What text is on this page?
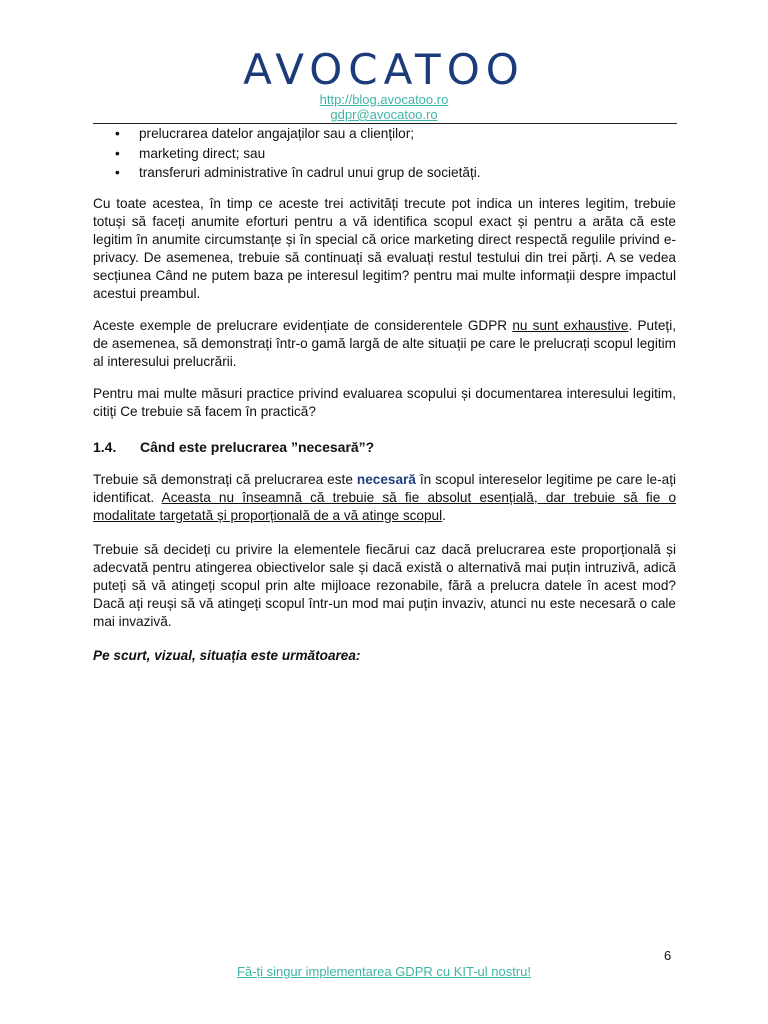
AVOCATOO
http://blog.avocatoo.ro
gdpr@avocatoo.ro
• prelucrarea datelor angajaților sau a clienților;
• marketing direct; sau
• transferuri administrative în cadrul unui grup de societăți.

Cu toate acestea, în timp ce aceste trei activități trecute pot indica un interes legitim, trebuie totuși să faceți anumite eforturi pentru a vă identifica scopul exact și pentru a arăta că este legitim în anumite circumstanțe și în special că orice marketing direct respectă regulile privind e-privacy. De asemenea, trebuie să continuați să evaluați restul testului din trei părți. A se vedea secțiunea Când ne putem baza pe interesul legitim? pentru mai multe informații despre impactul acestui preambul.

Aceste exemple de prelucrare evidențiate de considerentele GDPR nu sunt exhaustive. Puteți, de asemenea, să demonstrați într-o gamă largă de alte situații pe care le prelucrați scopul legitim al interesului prelucrării.

Pentru mai multe măsuri practice privind evaluarea scopului și documentarea interesului legitim, citiți Ce trebuie să facem în practică?

1.4. Când este prelucrarea ”necesară”?

Trebuie să demonstrați că prelucrarea este necesară în scopul intereselor legitime pe care le-ați identificat. Aceasta nu înseamnă că trebuie să fie absolut esențială, dar trebuie să fie o modalitate targetată și proporțională de a vă atinge scopul.

Trebuie să decideți cu privire la elementele fiecărui caz dacă prelucrarea este proporțională și adecvată pentru atingerea obiectivelor sale și dacă există o alternativă mai puțin intruzivă, adică puteți să vă atingeți scopul prin alte mijloace rezonabile, fără a prelucra datele în acest mod? Dacă ați reuși să vă atingeți scopul într-un mod mai puțin invaziv, atunci nu este necesară o cale mai invazivă.

Pe scurt, vizual, situația este următoarea:

6
Fă-ți singur implementarea GDPR cu KIT-ul nostru!
